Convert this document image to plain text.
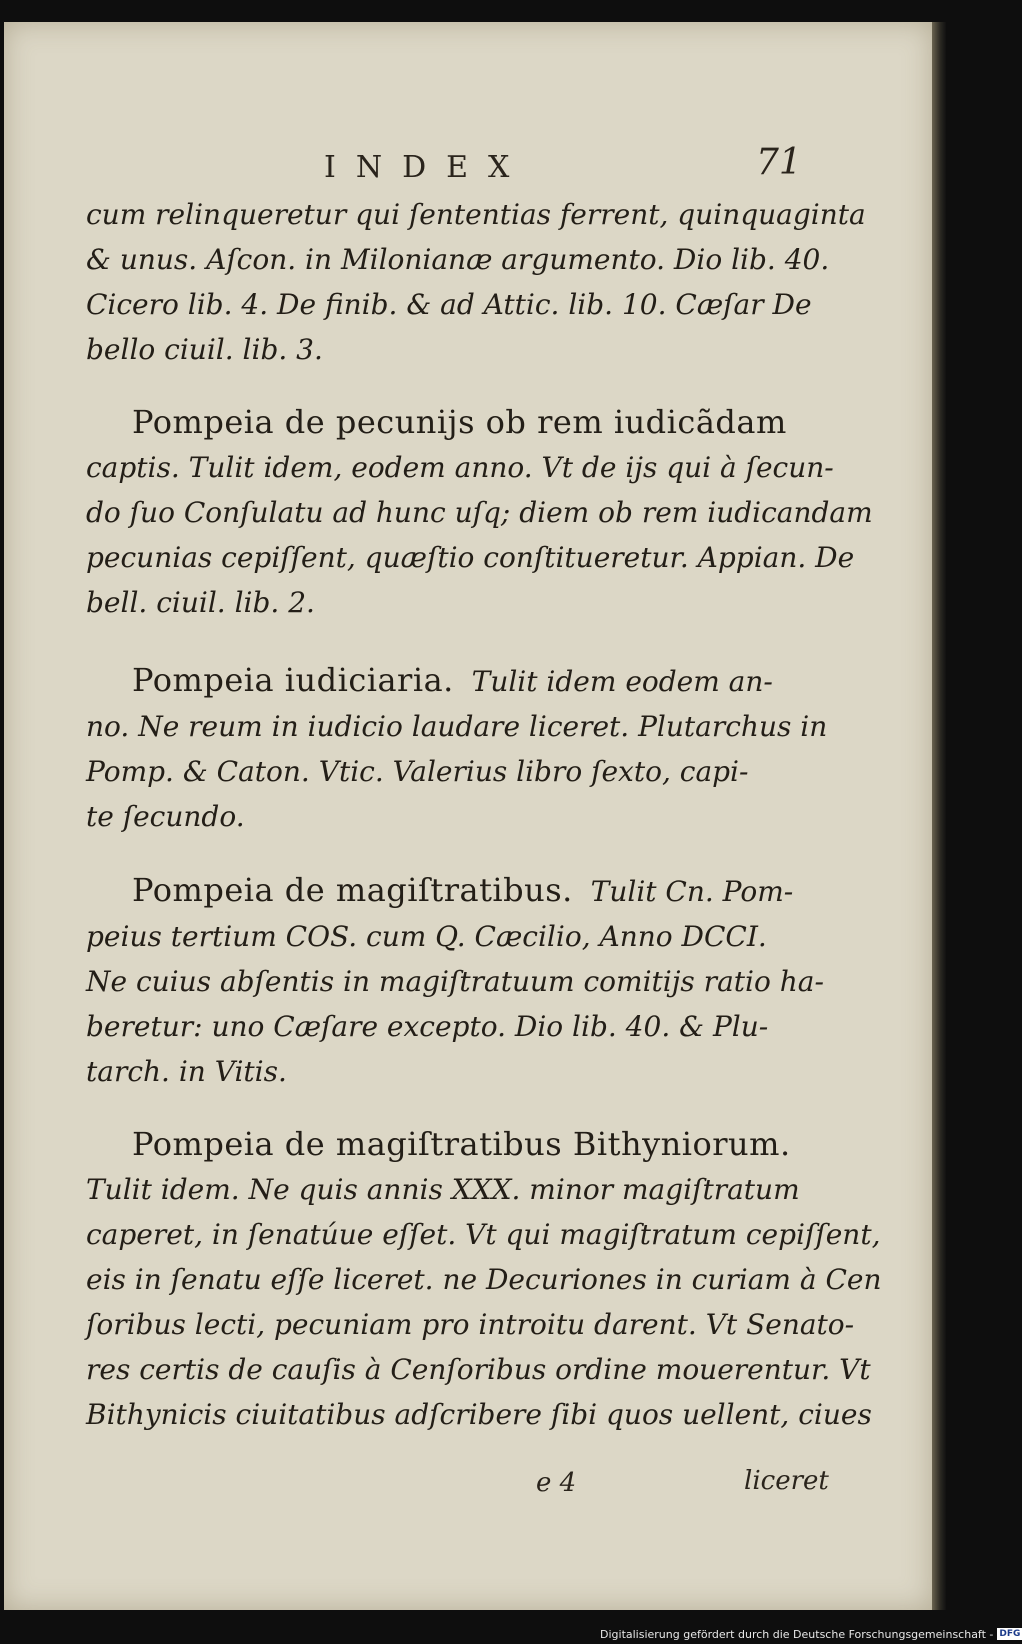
INDEX	71
cum relinqueretur qui ſententias ferrent, quinquaginta
& unus. Aſcon. in Milonianæ argumento. Dio lib. 40.
Cicero lib. 4. De finib. & ad Attic. lib. 10. Cæſar De
bello ciuil. lib. 3.
Pompeia de pecunijs ob rem iudicãdam
captis. Tulit idem, eodem anno. Vt de ijs qui à ſecun-
do ſuo Conſulatu ad hunc uſq; diem ob rem iudicandam
pecunias cepiſſent, quæſtio conſtitueretur. Appian. De
bell. ciuil. lib. 2.
Pompeia iudiciaria. Tulit idem eodem an-
no. Ne reum in iudicio laudare liceret. Plutarchus in
Pomp. & Caton. Vtic. Valerius libro ſexto, capi-
te ſecundo.
Pompeia de magiſtratibus. Tulit Cn. Pom-
peius tertium COS. cum Q. Cæcilio, Anno DCCI.
Ne cuius abſentis in magiſtratuum comitijs ratio ha-
beretur: uno Cæſare excepto. Dio lib. 40. & Plu-
tarch. in Vitis.
Pompeia de magiſtratibus Bithyniorum.
Tulit idem. Ne quis annis XXX. minor magiſtratum
caperet, in ſenatúue eſſet. Vt qui magiſtratum cepiſſent,
eis in ſenatu eſſe liceret. ne Decuriones in curiam à Cen
ſoribus lecti, pecuniam pro introitu darent. Vt Senato-
res certis de cauſis à Cenſoribus ordine mouerentur. Vt
Bithynicis ciuitatibus adſcribere ſibi quos uellent, ciues
e 4	liceret
Digitalisierung gefördert durch die Deutsche Forschungsgemeinschaft - DFG
